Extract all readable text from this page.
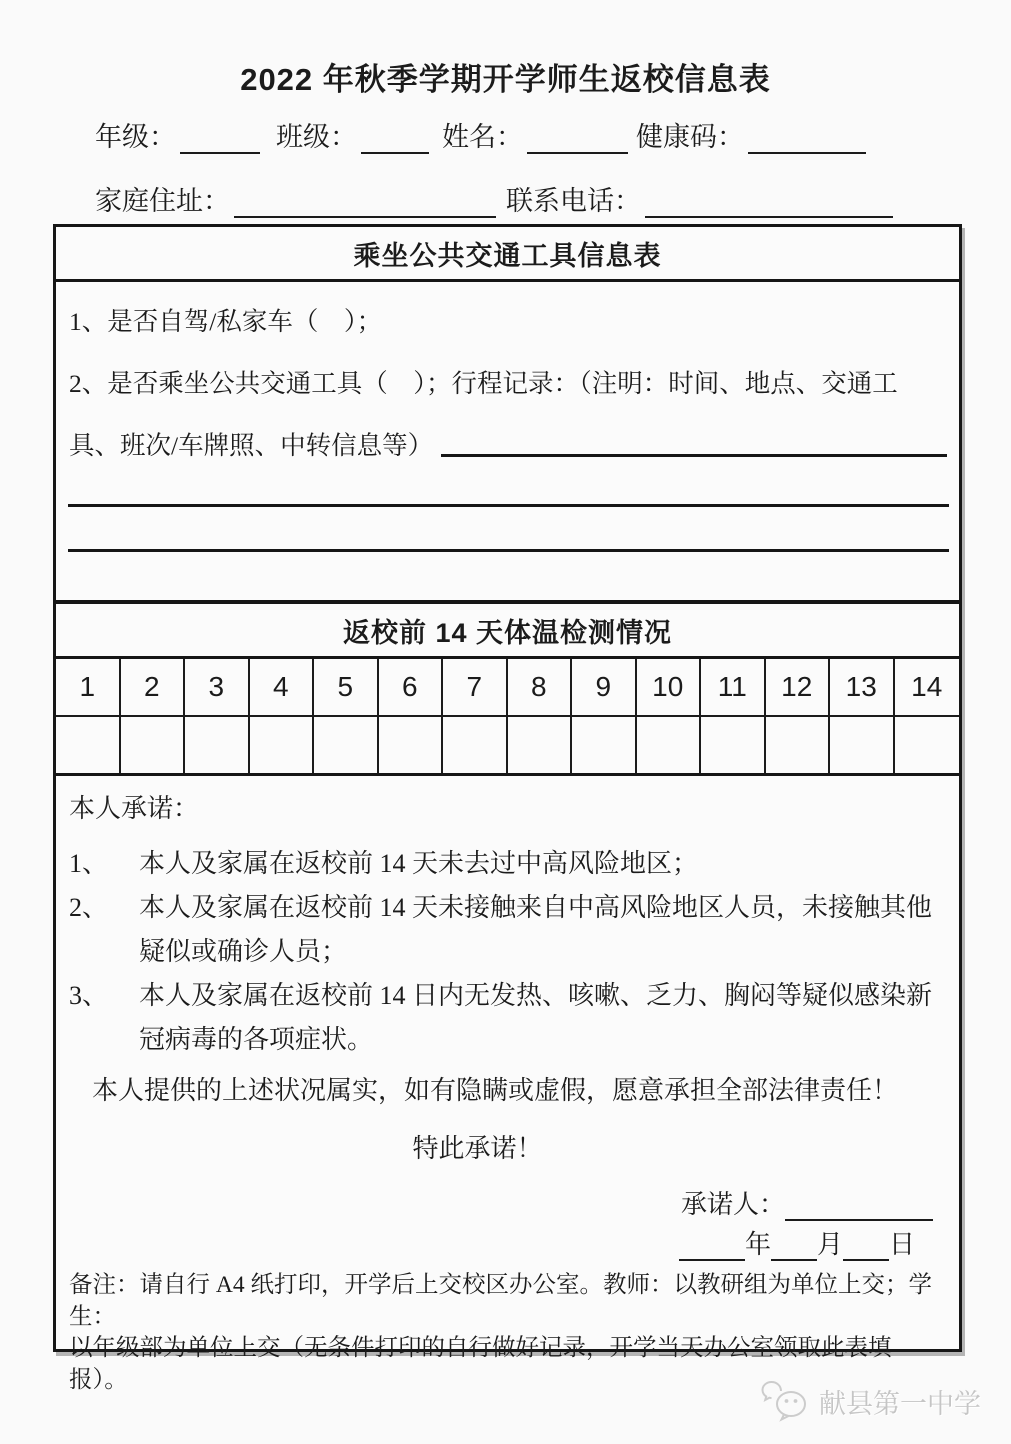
2022 年秋季学期开学师生返校信息表
年级：	班级：	姓名：	健康码：
家庭住址：	联系电话：
乘坐公共交通工具信息表
1、是否自驾/私家车（　）；
2、是否乘坐公共交通工具（　）；行程记录：（注明：时间、地点、交通工
具、班次/车牌照、中转信息等）
返校前 14 天体温检测情况
1	2	3	4	5	6	7	8	9	10	11	12	13	14
本人承诺：
1、	本人及家属在返校前 14 天未去过中高风险地区；
2、	本人及家属在返校前 14 天未接触来自中高风险地区人员，未接触其他疑似或确诊人员；
3、	本人及家属在返校前 14 日内无发热、咳嗽、乏力、胸闷等疑似感染新冠病毒的各项症状。
本人提供的上述状况属实，如有隐瞒或虚假，愿意承担全部法律责任！
特此承诺！
承诺人：
年 月 日
备注：请自行 A4 纸打印，开学后上交校区办公室。教师：以教研组为单位上交；学生：
以年级部为单位上交（无条件打印的自行做好记录，开学当天办公室领取此表填报）。
献县第一中学
